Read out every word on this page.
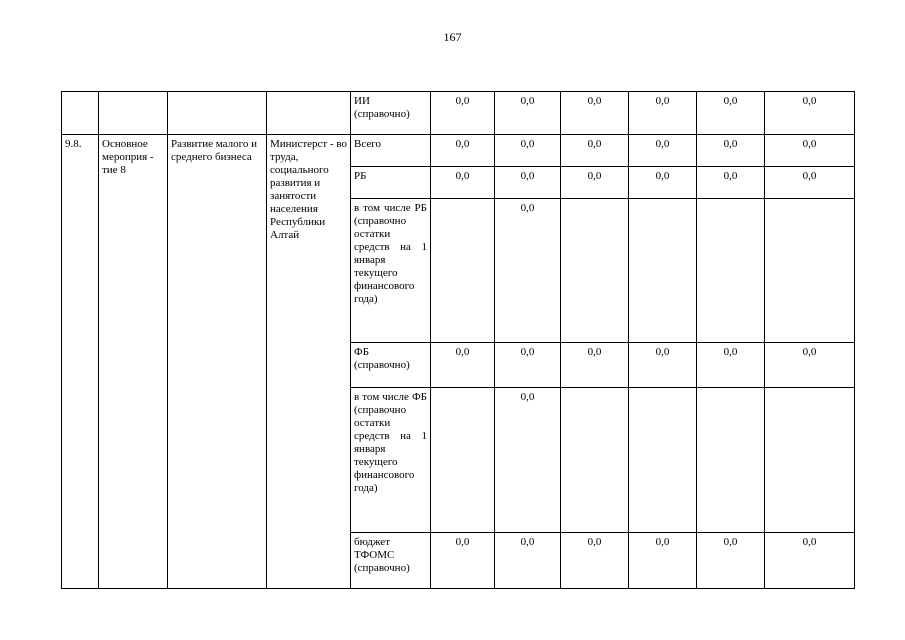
167
				ИИ (справочно)	0,0	0,0	0,0	0,0	0,0	0,0
9.8.	Основное мероприя - тие 8	Развитие малого и среднего бизнеса	Министерст - во труда, социального развития и занятости населения Республики Алтай	Всего	0,0	0,0	0,0	0,0	0,0	0,0
				РБ	0,0	0,0	0,0	0,0	0,0	0,0
				в том числе РБ (справочно остатки средств на 1 января текущего финансового года)		0,0				
				ФБ (справочно)	0,0	0,0	0,0	0,0	0,0	0,0
				в том числе ФБ (справочно остатки средств на 1 января текущего финансового года)		0,0				
				бюджет ТФОМС (справочно)	0,0	0,0	0,0	0,0	0,0	0,0
